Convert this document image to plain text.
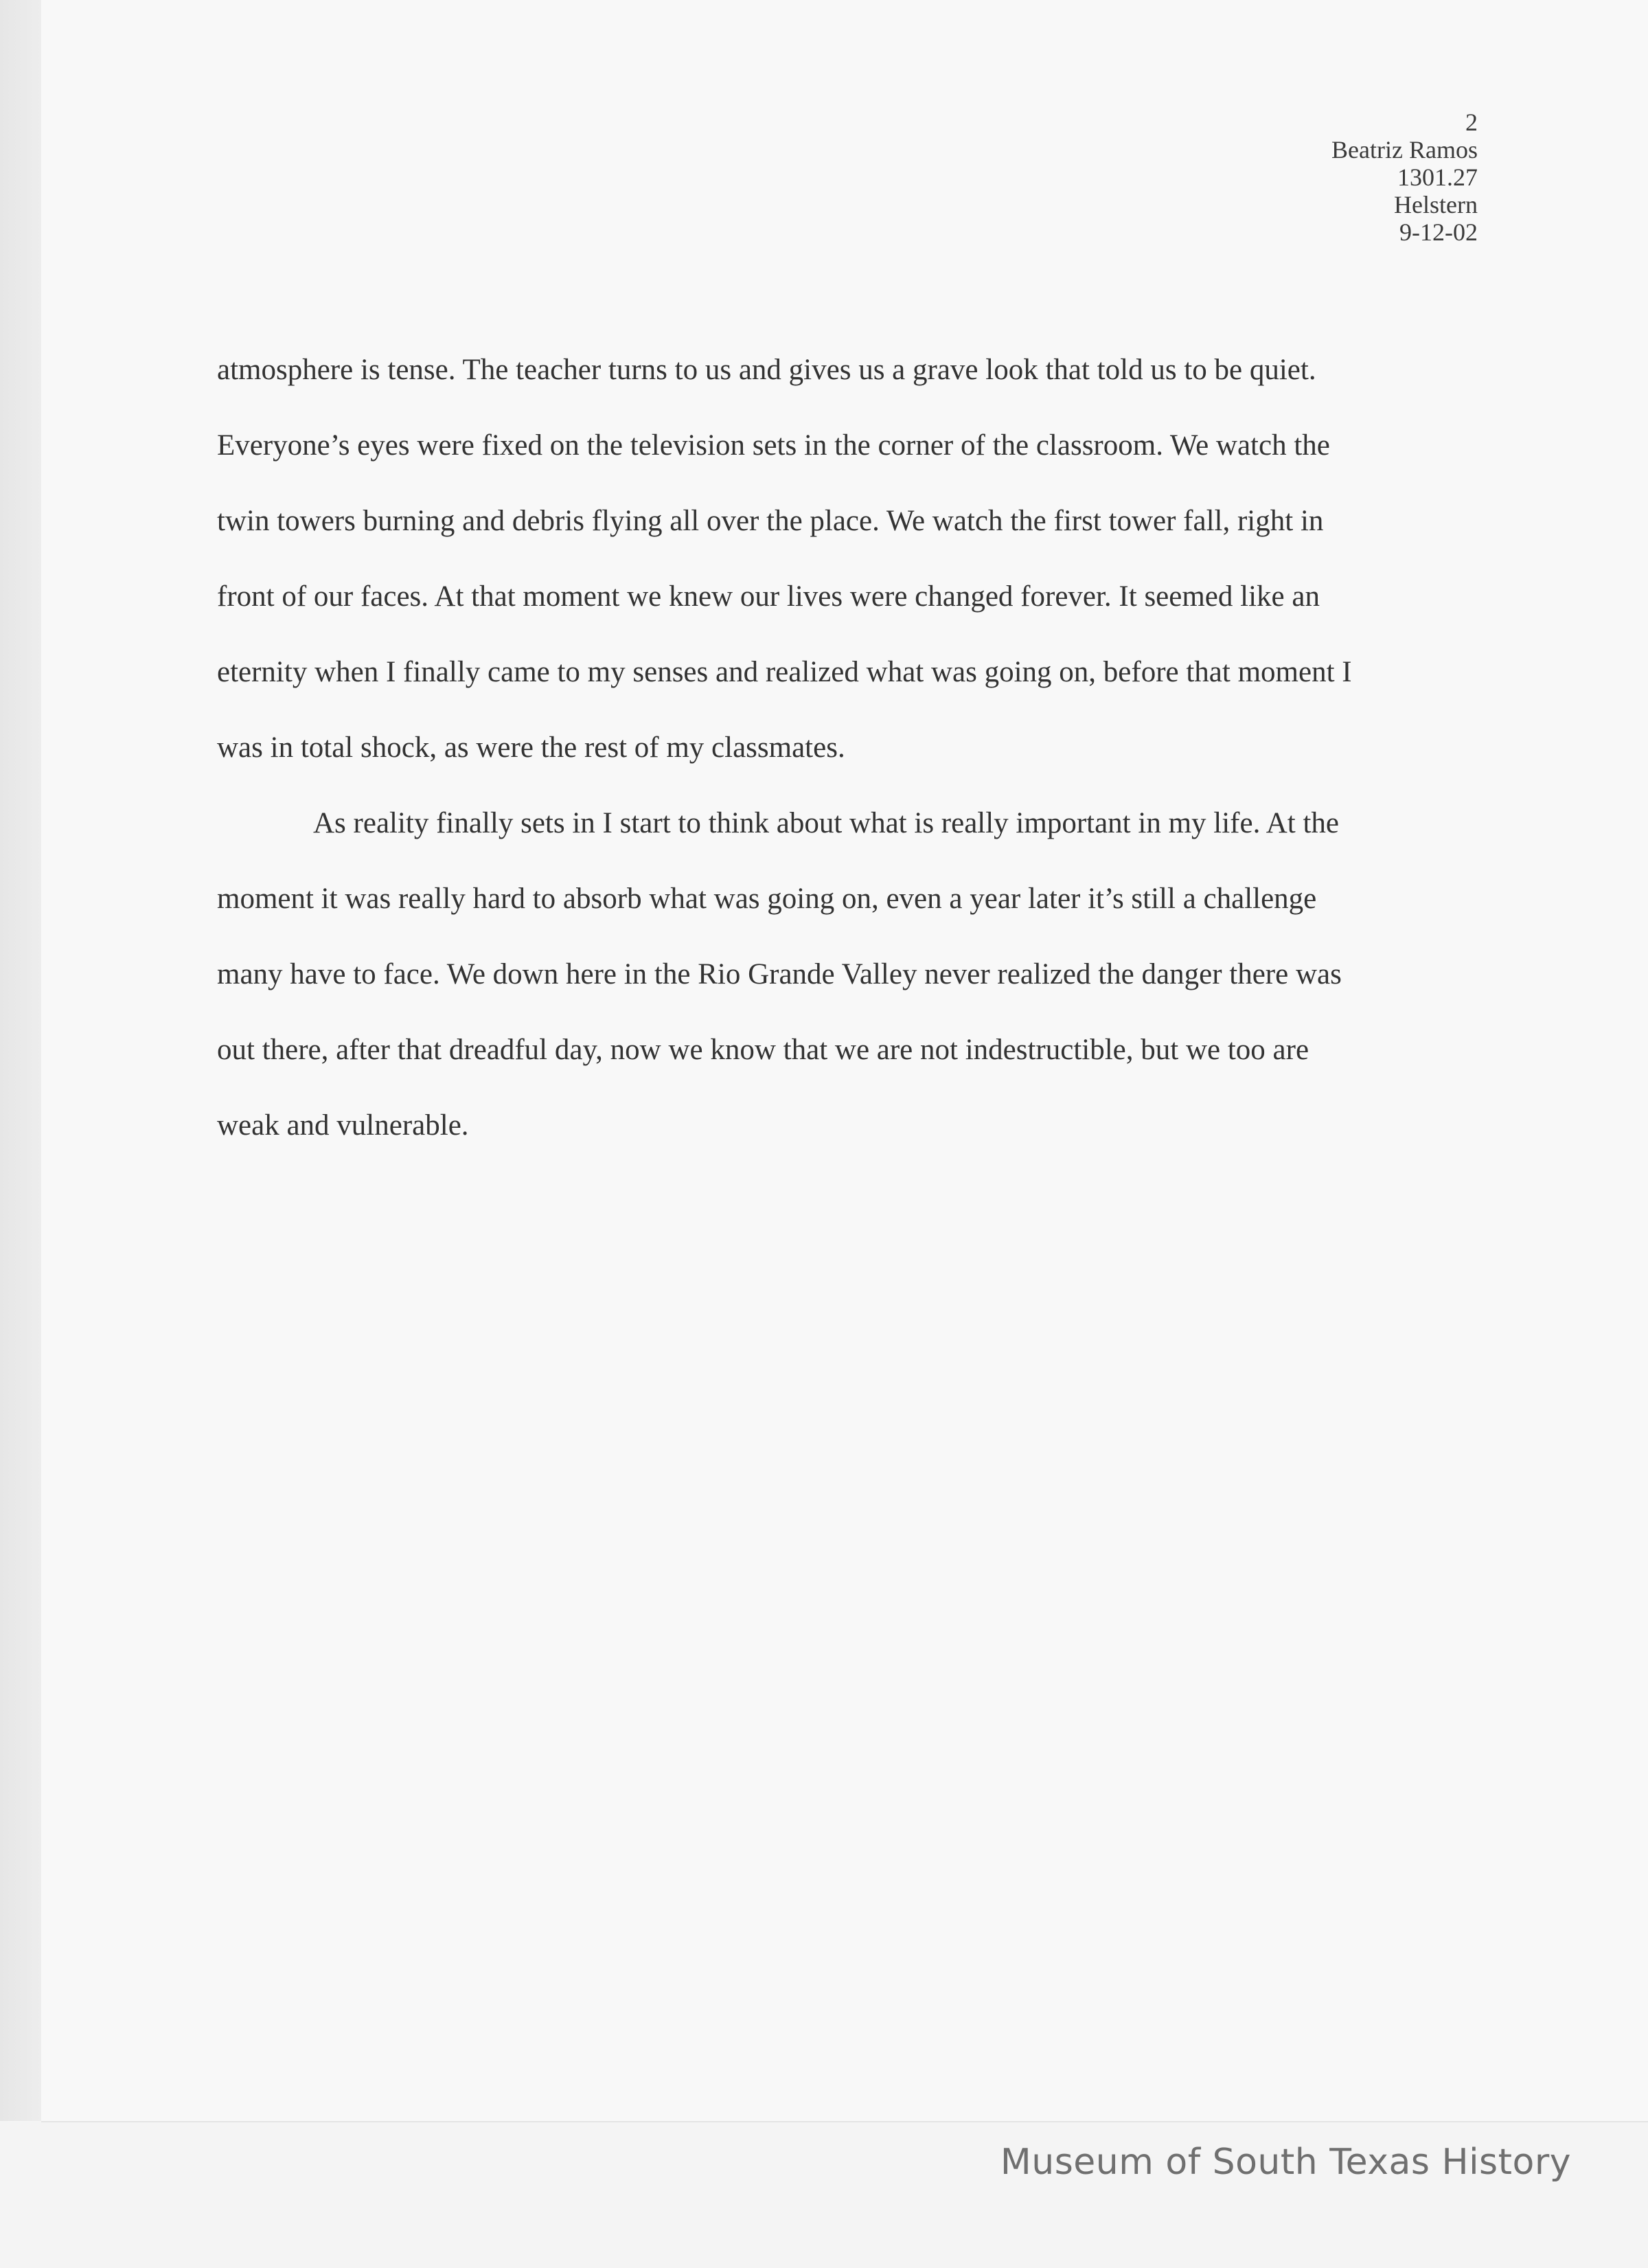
2
Beatriz Ramos
1301.27
Helstern
9-12-02

atmosphere is tense. The teacher turns to us and gives us a grave look that told us to be quiet.
Everyone’s eyes were fixed on the television sets in the corner of the classroom. We watch the
twin towers burning and debris flying all over the place. We watch the first tower fall, right in
front of our faces. At that moment we knew our lives were changed forever. It seemed like an
eternity when I finally came to my senses and realized what was going on, before that moment I
was in total shock, as were the rest of my classmates.

As reality finally sets in I start to think about what is really important in my life. At the
moment it was really hard to absorb what was going on, even a year later it’s still a challenge
many have to face. We down here in the Rio Grande Valley never realized the danger there was
out there, after that dreadful day, now we know that we are not indestructible, but we too are
weak and vulnerable.

Museum of South Texas History
